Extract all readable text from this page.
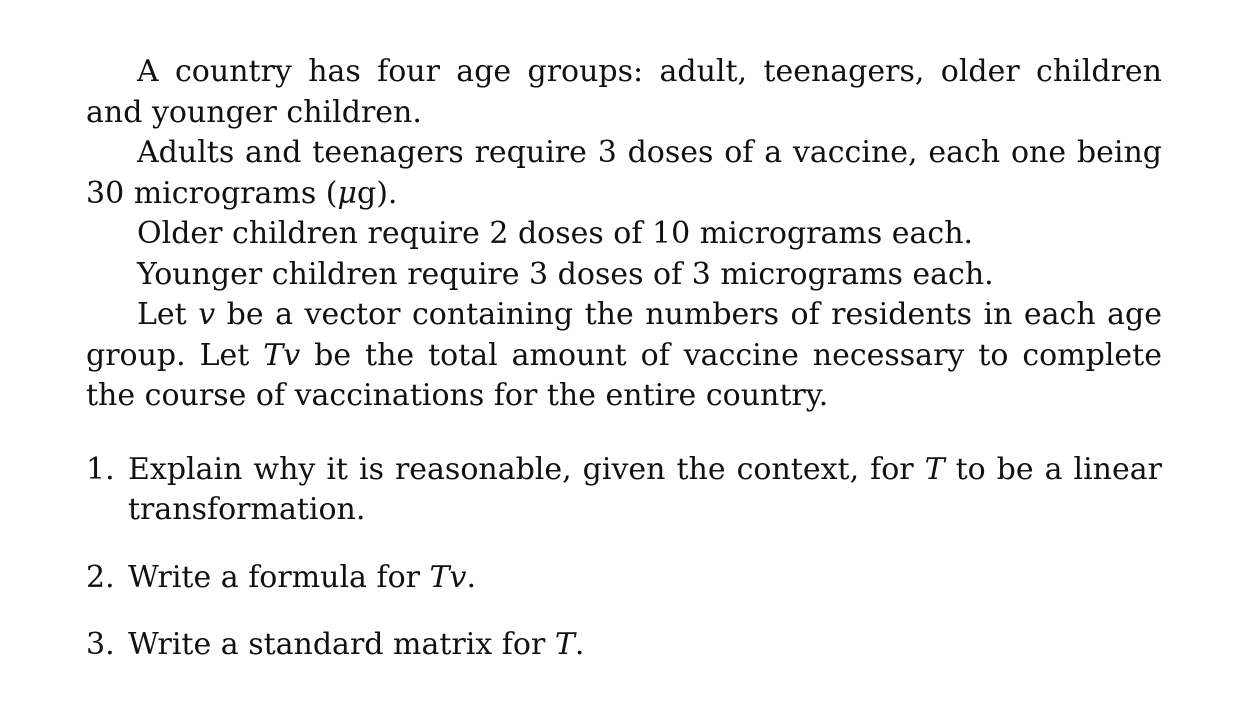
A country has four age groups: adult, teenagers, older children and younger children.

Adults and teenagers require 3 doses of a vaccine, each one being 30 micrograms (μg).

Older children require 2 doses of 10 micrograms each.

Younger children require 3 doses of 3 micrograms each.

Let v be a vector containing the numbers of residents in each age group. Let Tv be the total amount of vaccine necessary to complete the course of vaccinations for the entire country.

1. Explain why it is reasonable, given the context, for T to be a linear transformation.
2. Write a formula for Tv.
3. Write a standard matrix for T.
